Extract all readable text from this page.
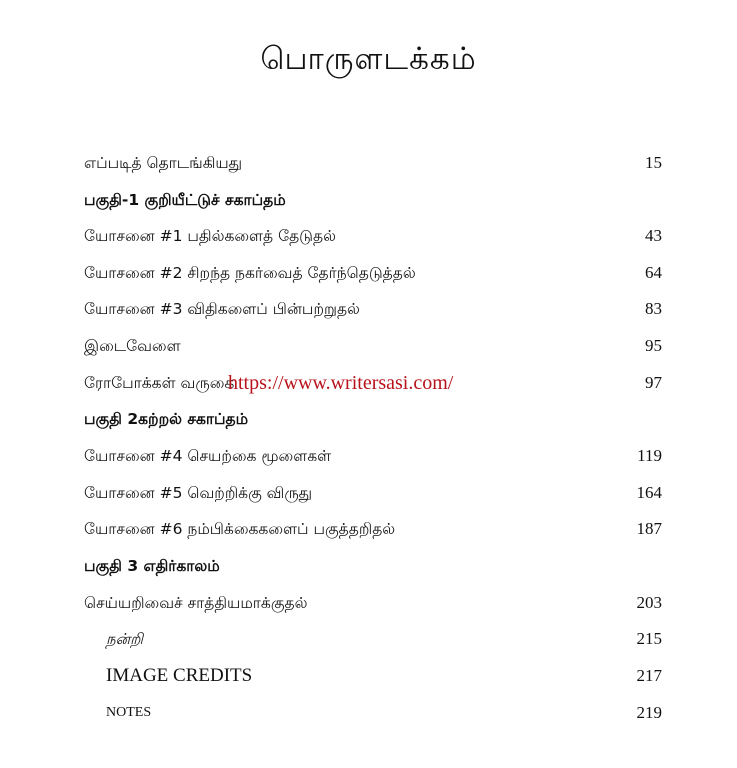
பொருளடக்கம்
எப்படித் தொடங்கியது	15
பகுதி-1 குறியீட்டுச் சகாப்தம்
யோசனை #1 பதில்களைத் தேடுதல்	43
யோசனை #2 சிறந்த நகர்வைத் தேர்ந்தெடுத்தல்	64
யோசனை #3 விதிகளைப் பின்பற்றுதல்	83
இடைவேளை	95
ரோபோக்கள் வருகை	97
பகுதி 2கற்றல் சகாப்தம்
யோசனை #4 செயற்கை மூளைகள்	119
யோசனை #5 வெற்றிக்கு விருது	164
யோசனை #6 நம்பிக்கைகளைப் பகுத்தறிதல்	187
பகுதி 3 எதிர்காலம்
செய்யறிவைச் சாத்தியமாக்குதல்	203
நன்றி	215
IMAGE CREDITS	217
NOTES	219
https://www.writersasi.com/
